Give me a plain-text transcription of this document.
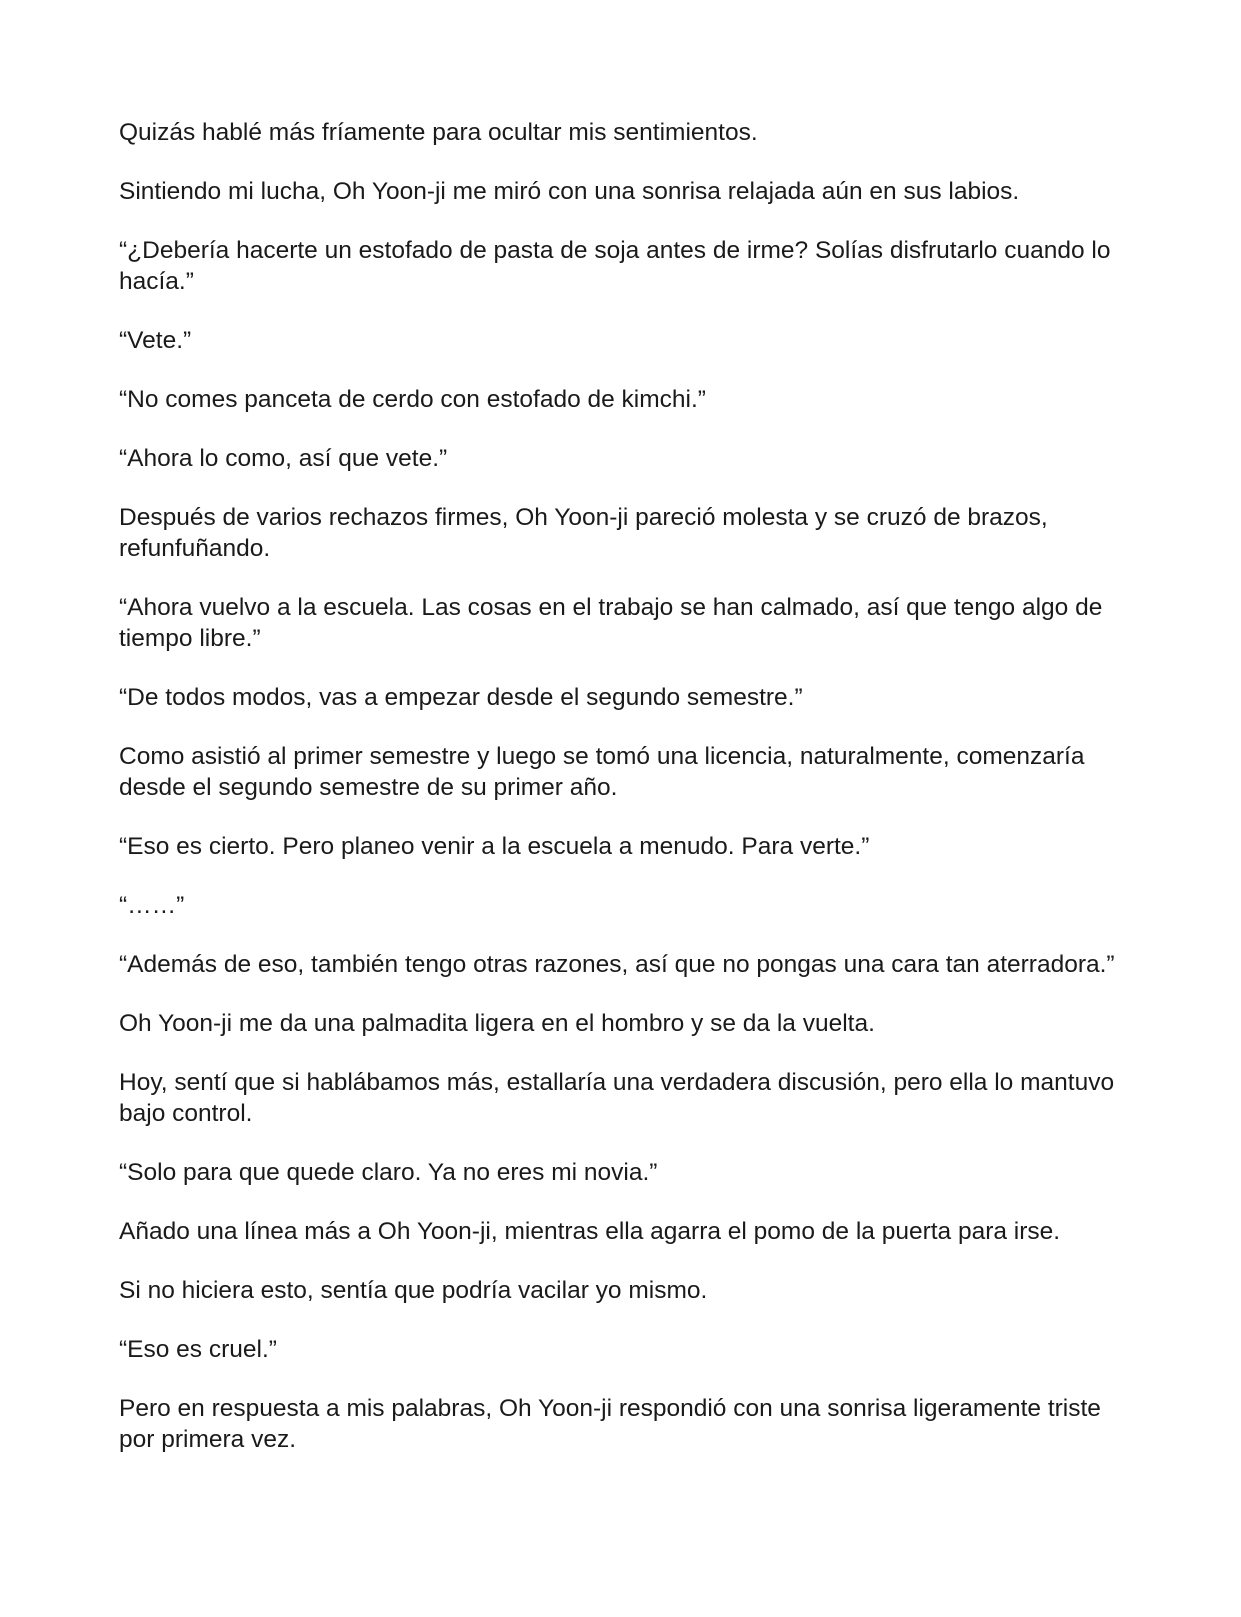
Quizás hablé más fríamente para ocultar mis sentimientos.

Sintiendo mi lucha, Oh Yoon-ji me miró con una sonrisa relajada aún en sus labios.

“¿Debería hacerte un estofado de pasta de soja antes de irme? Solías disfrutarlo cuando lo hacía.”

“Vete.”

“No comes panceta de cerdo con estofado de kimchi.”

“Ahora lo como, así que vete.”

Después de varios rechazos firmes, Oh Yoon-ji pareció molesta y se cruzó de brazos, refunfuñando.

“Ahora vuelvo a la escuela. Las cosas en el trabajo se han calmado, así que tengo algo de tiempo libre.”

“De todos modos, vas a empezar desde el segundo semestre.”

Como asistió al primer semestre y luego se tomó una licencia, naturalmente, comenzaría desde el segundo semestre de su primer año.

“Eso es cierto. Pero planeo venir a la escuela a menudo. Para verte.”

“……”

“Además de eso, también tengo otras razones, así que no pongas una cara tan aterradora.”

Oh Yoon-ji me da una palmadita ligera en el hombro y se da la vuelta.

Hoy, sentí que si hablábamos más, estallaría una verdadera discusión, pero ella lo mantuvo bajo control.

“Solo para que quede claro. Ya no eres mi novia.”

Añado una línea más a Oh Yoon-ji, mientras ella agarra el pomo de la puerta para irse.

Si no hiciera esto, sentía que podría vacilar yo mismo.

“Eso es cruel.”

Pero en respuesta a mis palabras, Oh Yoon-ji respondió con una sonrisa ligeramente triste por primera vez.
